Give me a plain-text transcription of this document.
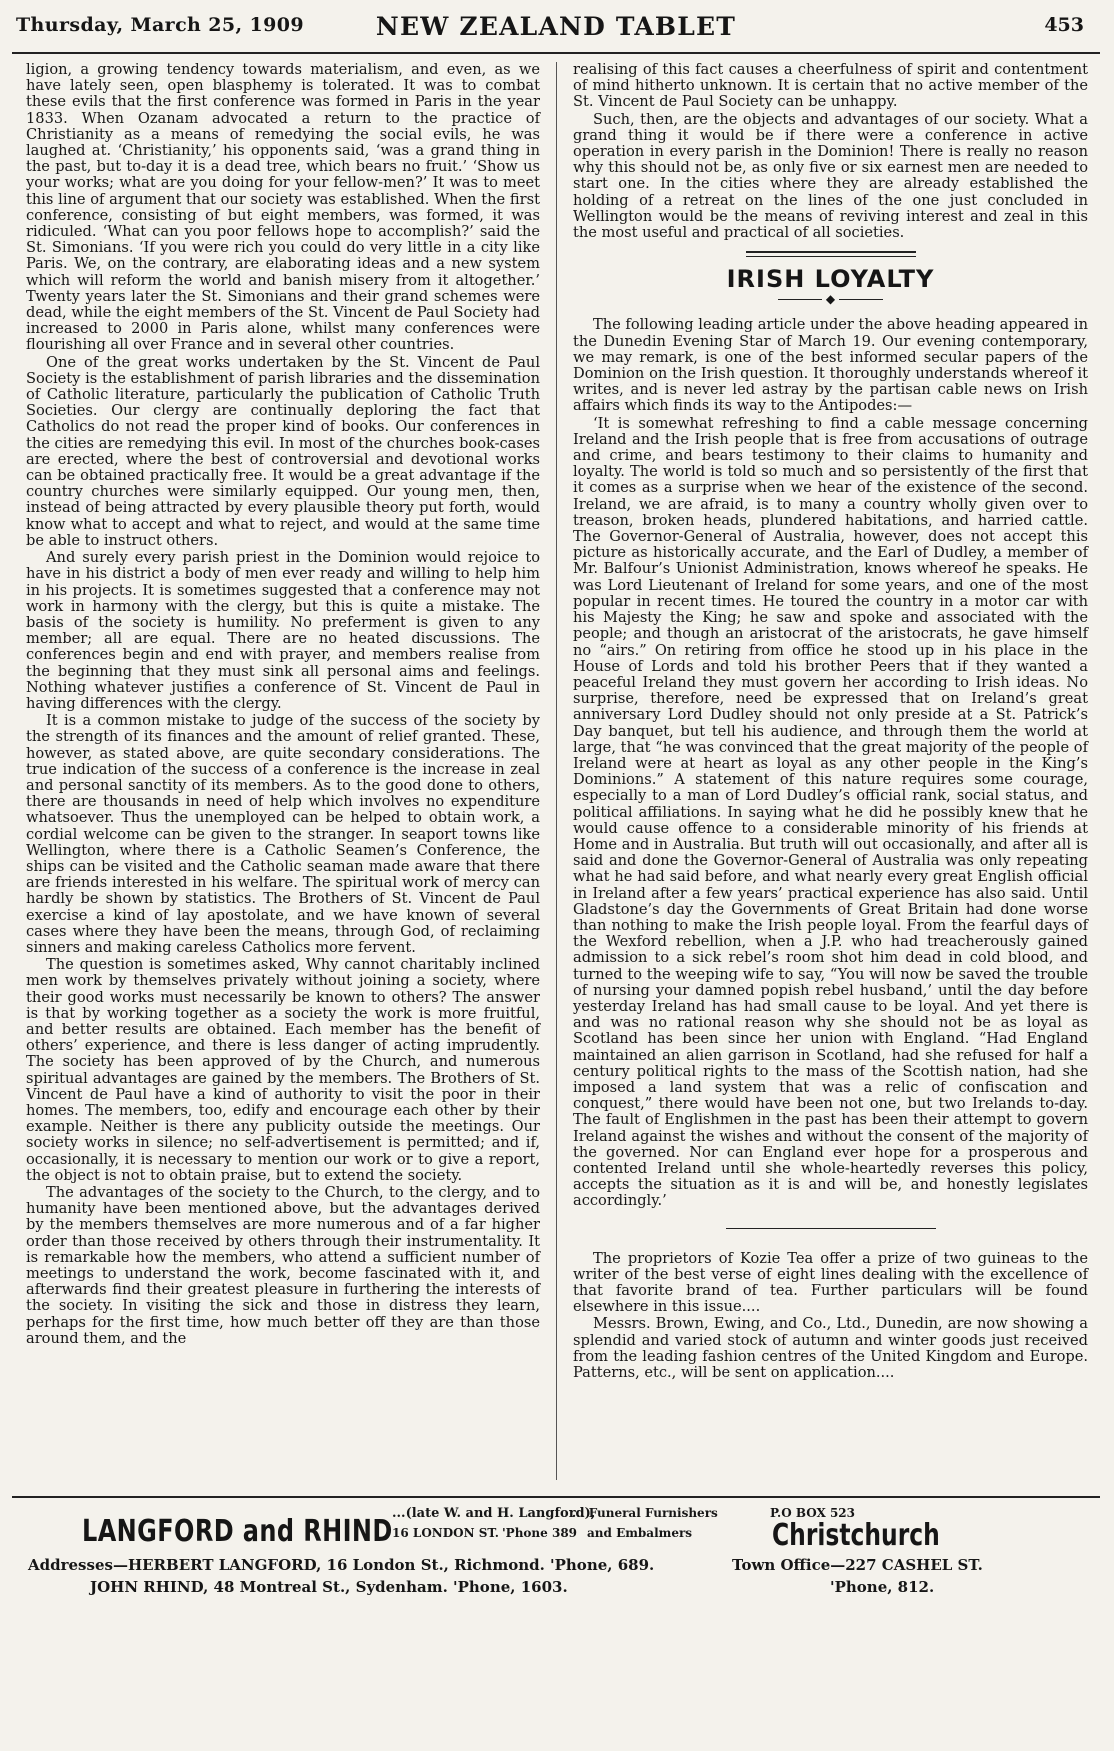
Thursday, March 25, 1909	NEW ZEALAND TABLET	453

ligion, a growing tendency towards materialism, and even, as we have lately seen, open blasphemy is tolerated. It was to combat these evils that the first conference was formed in Paris in the year 1833. When Ozanam advocated a return to the practice of Christianity as a means of remedying the social evils, he was laughed at. ‘Christianity,’ his opponents said, ‘was a grand thing in the past, but to-day it is a dead tree, which bears no fruit.’ ‘Show us your works; what are you doing for your fellow-men?’ It was to meet this line of argument that our society was established. When the first conference, consisting of but eight members, was formed, it was ridiculed. ‘What can you poor fellows hope to accomplish?’ said the St. Simonians. ‘If you were rich you could do very little in a city like Paris. We, on the contrary, are elaborating ideas and a new system which will reform the world and banish misery from it altogether.’ Twenty years later the St. Simonians and their grand schemes were dead, while the eight members of the St. Vincent de Paul Society had increased to 2000 in Paris alone, whilst many conferences were flourishing all over France and in several other countries.

One of the great works undertaken by the St. Vincent de Paul Society is the establishment of parish libraries and the dissemination of Catholic literature, particularly the publication of Catholic Truth Societies. Our clergy are continually deploring the fact that Catholics do not read the proper kind of books. Our conferences in the cities are remedying this evil. In most of the churches book-cases are erected, where the best of controversial and devotional works can be obtained practically free. It would be a great advantage if the country churches were similarly equipped. Our young men, then, instead of being attracted by every plausible theory put forth, would know what to accept and what to reject, and would at the same time be able to instruct others.

And surely every parish priest in the Dominion would rejoice to have in his district a body of men ever ready and willing to help him in his projects. It is sometimes suggested that a conference may not work in harmony with the clergy, but this is quite a mistake. The basis of the society is humility. No preferment is given to any member; all are equal. There are no heated discussions. The conferences begin and end with prayer, and members realise from the beginning that they must sink all personal aims and feelings. Nothing whatever justifies a conference of St. Vincent de Paul in having differences with the clergy.

It is a common mistake to judge of the success of the society by the strength of its finances and the amount of relief granted. These, however, as stated above, are quite secondary considerations. The true indication of the success of a conference is the increase in zeal and personal sanctity of its members. As to the good done to others, there are thousands in need of help which involves no expenditure whatsoever. Thus the unemployed can be helped to obtain work, a cordial welcome can be given to the stranger. In seaport towns like Wellington, where there is a Catholic Seamen’s Conference, the ships can be visited and the Catholic seaman made aware that there are friends interested in his welfare. The spiritual work of mercy can hardly be shown by statistics. The Brothers of St. Vincent de Paul exercise a kind of lay apostolate, and we have known of several cases where they have been the means, through God, of reclaiming sinners and making careless Catholics more fervent.

The question is sometimes asked, Why cannot charitably inclined men work by themselves privately without joining a society, where their good works must necessarily be known to others? The answer is that by working together as a society the work is more fruitful, and better results are obtained. Each member has the benefit of others’ experience, and there is less danger of acting imprudently. The society has been approved of by the Church, and numerous spiritual advantages are gained by the members. The Brothers of St. Vincent de Paul have a kind of authority to visit the poor in their homes. The members, too, edify and encourage each other by their example. Neither is there any publicity outside the meetings. Our society works in silence; no self-advertisement is permitted; and if, occasionally, it is necessary to mention our work or to give a report, the object is not to obtain praise, but to extend the society.

The advantages of the society to the Church, to the clergy, and to humanity have been mentioned above, but the advantages derived by the members themselves are more numerous and of a far higher order than those received by others through their instrumentality. It is remarkable how the members, who attend a sufficient number of meetings to understand the work, become fascinated with it, and afterwards find their greatest pleasure in furthering the interests of the society. In visiting the sick and those in distress they learn, perhaps for the first time, how much better off they are than those around them, and the

realising of this fact causes a cheerfulness of spirit and contentment of mind hitherto unknown. It is certain that no active member of the St. Vincent de Paul Society can be unhappy.

Such, then, are the objects and advantages of our society. What a grand thing it would be if there were a conference in active operation in every parish in the Dominion! There is really no reason why this should not be, as only five or six earnest men are needed to start one. In the cities where they are already established the holding of a retreat on the lines of the one just concluded in Wellington would be the means of reviving interest and zeal in this the most useful and practical of all societies.

IRISH LOYALTY
◆

The following leading article under the above heading appeared in the Dunedin Evening Star of March 19. Our evening contemporary, we may remark, is one of the best informed secular papers of the Dominion on the Irish question. It thoroughly understands whereof it writes, and is never led astray by the partisan cable news on Irish affairs which finds its way to the Antipodes:—

‘It is somewhat refreshing to find a cable message concerning Ireland and the Irish people that is free from accusations of outrage and crime, and bears testimony to their claims to humanity and loyalty. The world is told so much and so persistently of the first that it comes as a surprise when we hear of the existence of the second. Ireland, we are afraid, is to many a country wholly given over to treason, broken heads, plundered habitations, and harried cattle. The Governor-General of Australia, however, does not accept this picture as historically accurate, and the Earl of Dudley, a member of Mr. Balfour’s Unionist Administration, knows whereof he speaks. He was Lord Lieutenant of Ireland for some years, and one of the most popular in recent times. He toured the country in a motor car with his Majesty the King; he saw and spoke and associated with the people; and though an aristocrat of the aristocrats, he gave himself no “airs.” On retiring from office he stood up in his place in the House of Lords and told his brother Peers that if they wanted a peaceful Ireland they must govern her according to Irish ideas. No surprise, therefore, need be expressed that on Ireland’s great anniversary Lord Dudley should not only preside at a St. Patrick’s Day banquet, but tell his audience, and through them the world at large, that “he was convinced that the great majority of the people of Ireland were at heart as loyal as any other people in the King’s Dominions.” A statement of this nature requires some courage, especially to a man of Lord Dudley’s official rank, social status, and political affiliations. In saying what he did he possibly knew that he would cause offence to a considerable minority of his friends at Home and in Australia. But truth will out occasionally, and after all is said and done the Governor-General of Australia was only repeating what he had said before, and what nearly every great English official in Ireland after a few years’ practical experience has also said. Until Gladstone’s day the Governments of Great Britain had done worse than nothing to make the Irish people loyal. From the fearful days of the Wexford rebellion, when a J.P. who had treacherously gained admission to a sick rebel’s room shot him dead in cold blood, and turned to the weeping wife to say, “You will now be saved the trouble of nursing your damned popish rebel husband,’ until the day before yesterday Ireland has had small cause to be loyal. And yet there is and was no rational reason why she should not be as loyal as Scotland has been since her union with England. “Had England maintained an alien garrison in Scotland, had she refused for half a century political rights to the mass of the Scottish nation, had she imposed a land system that was a relic of confiscation and conquest,” there would have been not one, but two Irelands to-day. The fault of Englishmen in the past has been their attempt to govern Ireland against the wishes and without the consent of the majority of the governed. Nor can England ever hope for a prosperous and contented Ireland until she whole-heartedly reverses this policy, accepts the situation as it is and will be, and honestly legislates accordingly.’

The proprietors of Kozie Tea offer a prize of two guineas to the writer of the best verse of eight lines dealing with the excellence of that favorite brand of tea. Further particulars will be found elsewhere in this issue....

Messrs. Brown, Ewing, and Co., Ltd., Dunedin, are now showing a splendid and varied stock of autumn and winter goods just received from the leading fashion centres of the United Kingdom and Europe. Patterns, etc., will be sent on application....

LANGFORD and RHIND
...(late W. and H. Langford),
16 LONDON ST. 'Phone 389
... Funeral Furnishers
and Embalmers
P.O BOX 523
Christchurch
Addresses—HERBERT LANGFORD, 16 London St., Richmond. 'Phone, 689.
JOHN RHIND, 48 Montreal St., Sydenham. 'Phone, 1603.
Town Office—227 CASHEL ST.
'Phone, 812.
